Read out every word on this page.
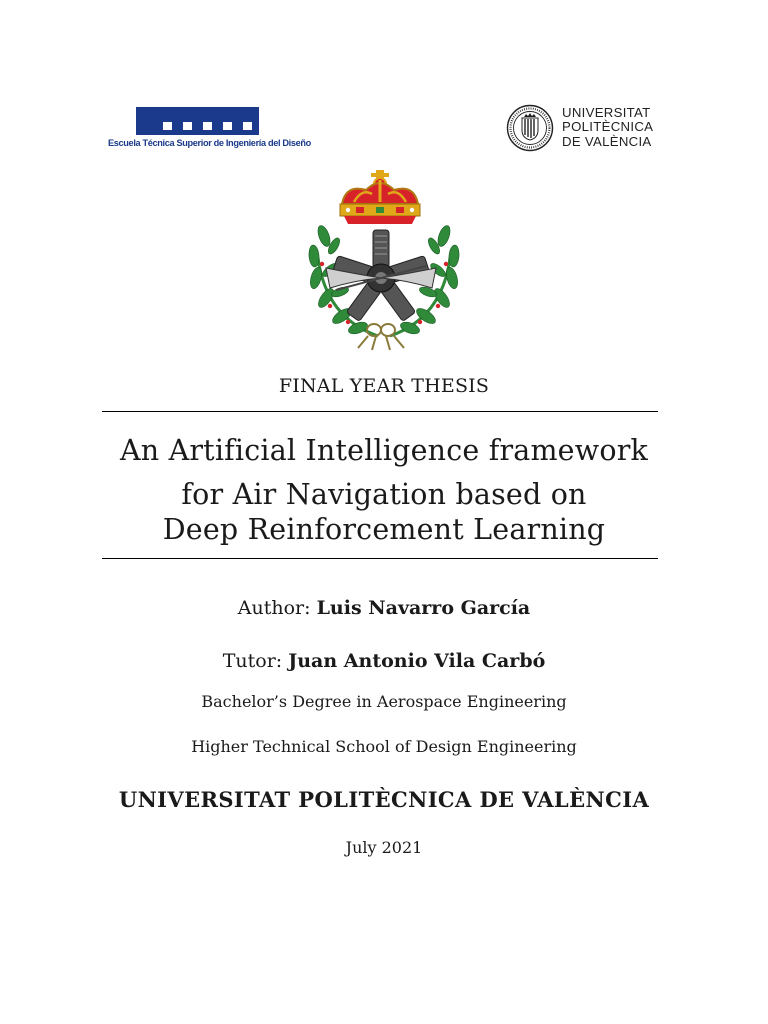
Escuela Técnica Superior de Ingeniería del Diseño
UNIVERSITAT
POLITÈCNICA
DE VALÈNCIA
FINAL YEAR THESIS
An Artificial Intelligence framework
for Air Navigation based on
Deep Reinforcement Learning
Author: Luis Navarro García
Tutor: Juan Antonio Vila Carbó
Bachelor’s Degree in Aerospace Engineering
Higher Technical School of Design Engineering
UNIVERSITAT POLITÈCNICA DE VALÈNCIA
July 2021
